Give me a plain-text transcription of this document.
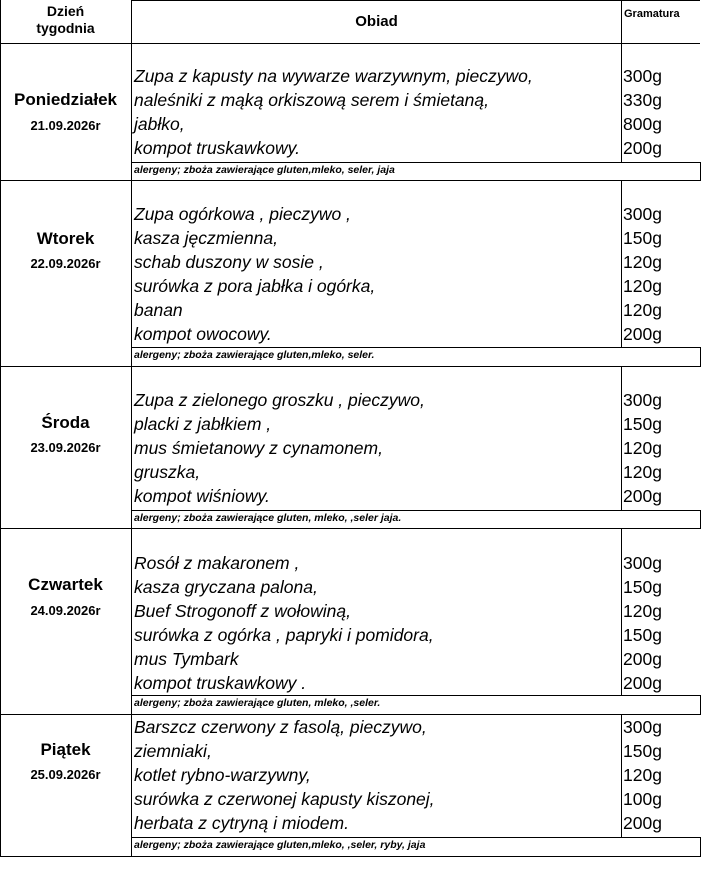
Dzień
tygodnia	Obiad	Gramatura
Poniedziałek
21.09.2026r
Zupa z kapusty na wywarze warzywnym, pieczywo,	300g
naleśniki z mąką orkiszową serem i śmietaną,	330g
jabłko,	800g
kompot truskawkowy.	200g
alergeny; zboża zawierające gluten,mleko, seler, jaja
Wtorek
22.09.2026r
Zupa ogórkowa , pieczywo ,	300g
kasza jęczmienna,	150g
schab duszony w sosie ,	120g
surówka z pora jabłka i ogórka,	120g
banan	120g
kompot owocowy.	200g
alergeny; zboża zawierające gluten,mleko, seler.
Środa
23.09.2026r
Zupa z zielonego groszku , pieczywo,	300g
placki z jabłkiem ,	150g
mus śmietanowy z cynamonem,	120g
gruszka,	120g
kompot wiśniowy.	200g
alergeny; zboża zawierające gluten, mleko, ,seler jaja.
Czwartek
24.09.2026r
Rosół z makaronem ,	300g
kasza gryczana palona,	150g
Buef Strogonoff z wołowiną,	120g
surówka z ogórka , papryki i pomidora,	150g
mus Tymbark	200g
kompot truskawkowy .	200g
alergeny; zboża zawierające gluten, mleko, ,seler.
Piątek
25.09.2026r
Barszcz czerwony z fasolą, pieczywo,	300g
ziemniaki,	150g
kotlet rybno-warzywny,	120g
surówka z czerwonej kapusty kiszonej,	100g
herbata z cytryną i miodem.	200g
alergeny; zboża zawierające gluten,mleko, ,seler, ryby, jaja
